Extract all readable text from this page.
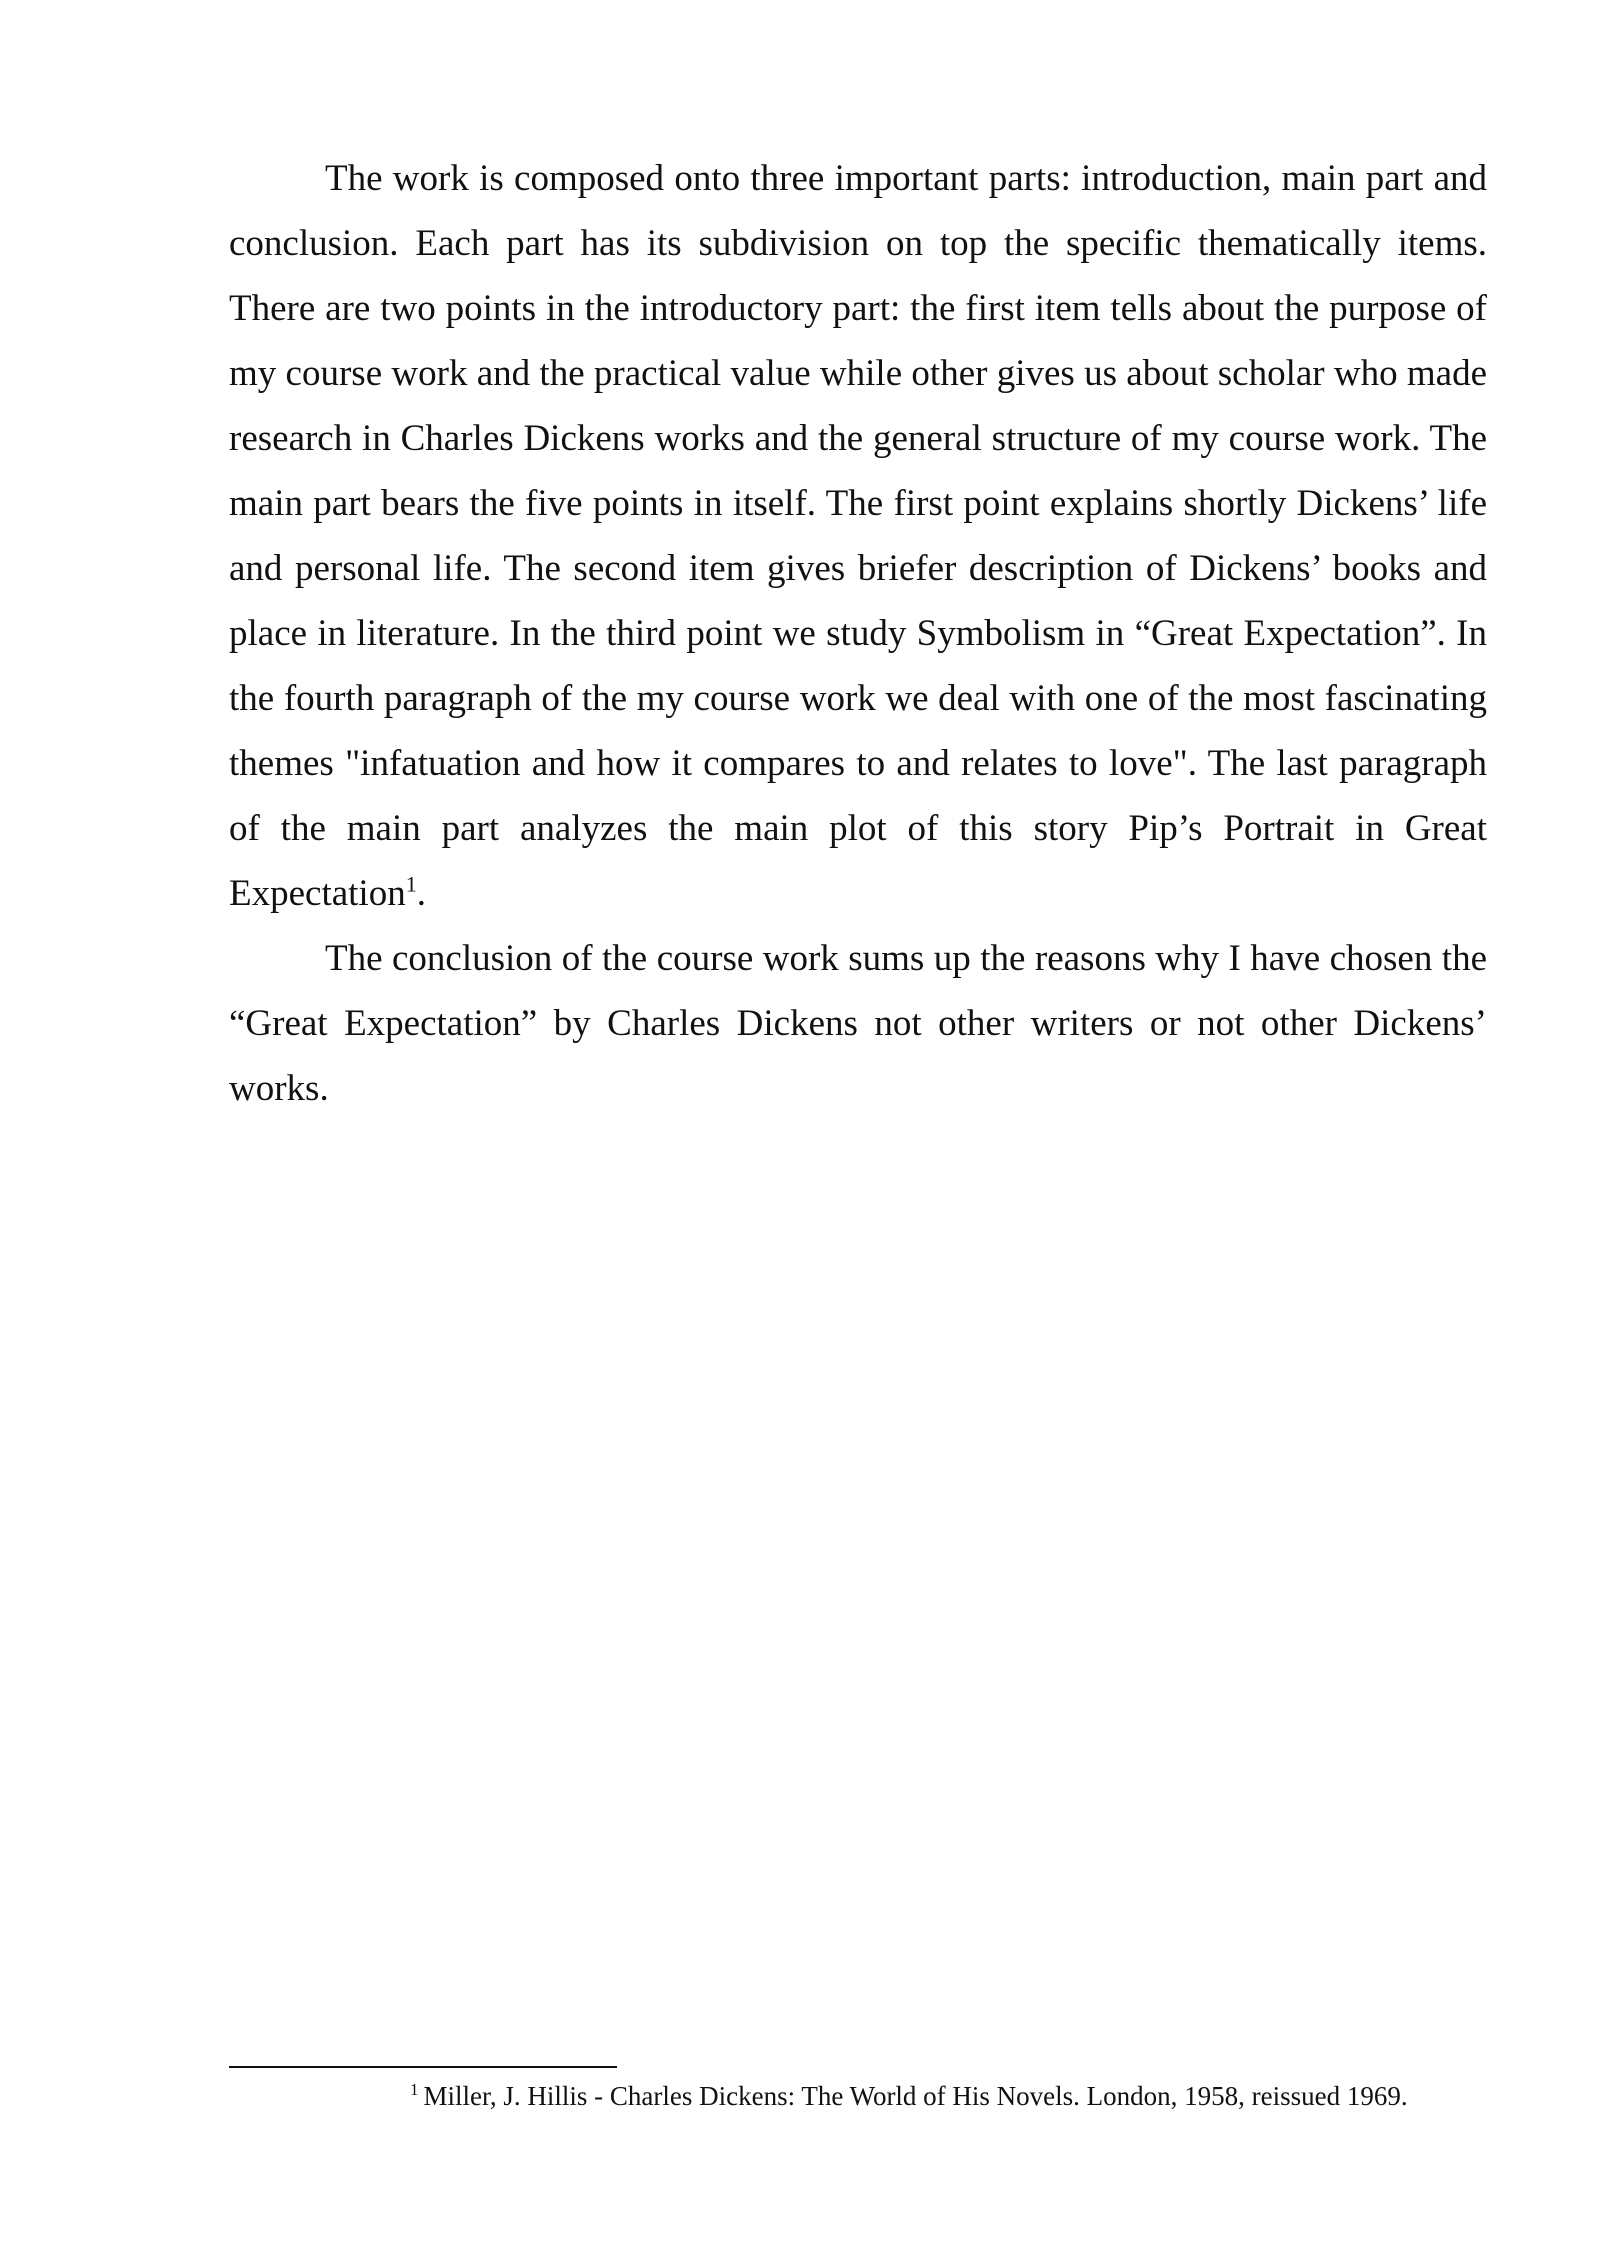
The work is composed onto three important parts: introduction, main part and conclusion. Each part has its subdivision on top the specific thematically items. There are two points in the introductory part: the first item tells about the purpose of my course work and the practical value while other gives us about scholar who made research in Charles Dickens works and the general structure of my course work. The main part bears the five points in itself. The first point explains shortly Dickens’ life and personal life. The second item gives briefer description of Dickens’ books and place in literature. In the third point we study Symbolism in “Great Expectation”. In the fourth paragraph of the my course work we deal with one of the most fascinating themes "infatuation and how it compares to and relates to love". The last paragraph of the main part analyzes the main plot of this story Pip’s Portrait in Great Expectation$^1$.

The conclusion of the course work sums up the reasons why I have chosen the “Great Expectation” by Charles Dickens not other writers or not other Dickens’ works.

$^1$ Miller, J. Hillis - Charles Dickens: The World of His Novels. London, 1958, reissued 1969.
